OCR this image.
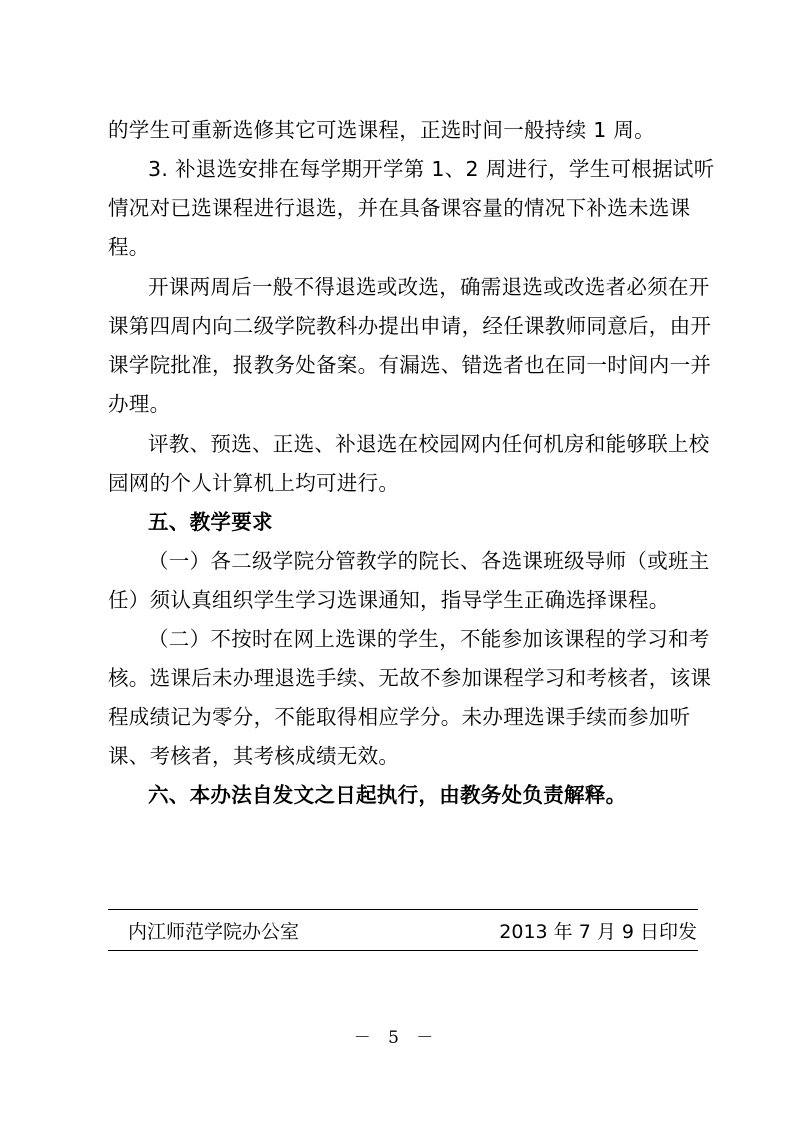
的学生可重新选修其它可选课程，正选时间一般持续 1 周。
3. 补退选安排在每学期开学第 1、2 周进行，学生可根据试听
情况对已选课程进行退选，并在具备课容量的情况下补选未选课
程。
开课两周后一般不得退选或改选，确需退选或改选者必须在开
课第四周内向二级学院教科办提出申请，经任课教师同意后，由开
课学院批准，报教务处备案。有漏选、错选者也在同一时间内一并
办理。
评教、预选、正选、补退选在校园网内任何机房和能够联上校
园网的个人计算机上均可进行。
五、教学要求
（一）各二级学院分管教学的院长、各选课班级导师（或班主
任）须认真组织学生学习选课通知，指导学生正确选择课程。
（二）不按时在网上选课的学生，不能参加该课程的学习和考
核。选课后未办理退选手续、无故不参加课程学习和考核者，该课
程成绩记为零分，不能取得相应学分。未办理选课手续而参加听
课、考核者，其考核成绩无效。
六、本办法自发文之日起执行，由教务处负责解释。
内江师范学院办公室	2013 年 7 月 9 日印发
－ 5 －
